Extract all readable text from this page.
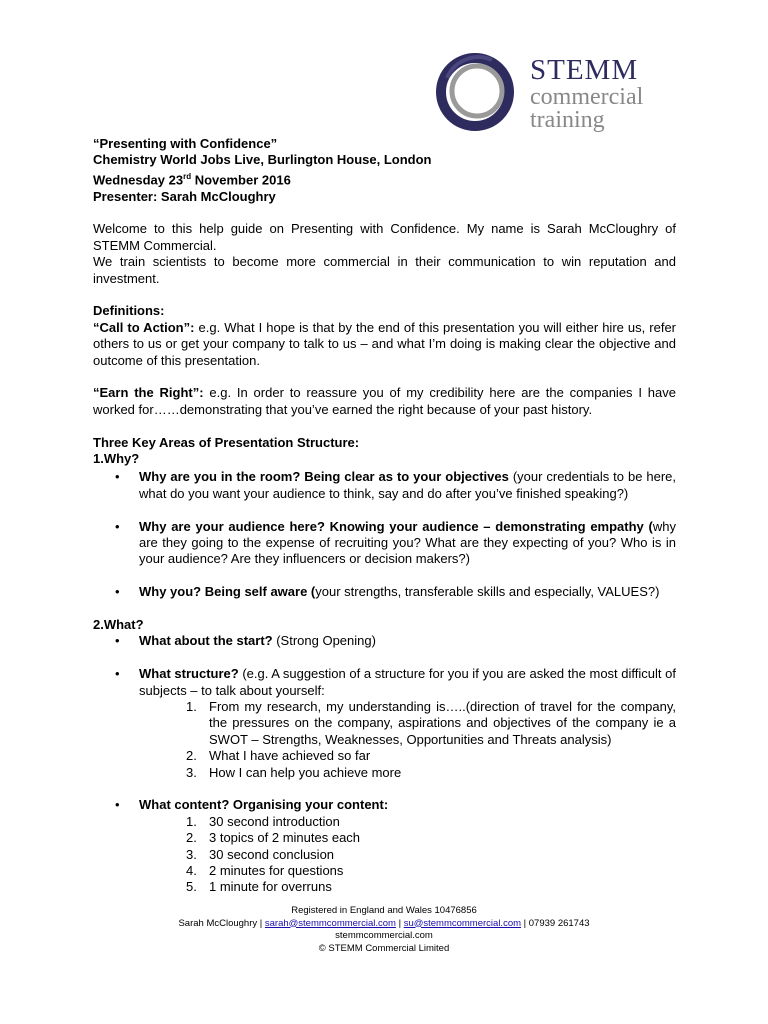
STEMM
commercial
training

“Presenting with Confidence”

Chemistry World Jobs Live, Burlington House, London

Wednesday 23rd November 2016

Presenter: Sarah McCloughry

Welcome to this help guide on Presenting with Confidence. My name is Sarah McCloughry of STEMM Commercial.

We train scientists to become more commercial in their communication to win reputation and investment.

Definitions:

“Call to Action”: e.g. What I hope is that by the end of this presentation you will either hire us, refer others to us or get your company to talk to us – and what I’m doing is making clear the objective and outcome of this presentation.

“Earn the Right”: e.g. In order to reassure you of my credibility here are the companies I have worked for……demonstrating that you’ve earned the right because of your past history.

Three Key Areas of Presentation Structure:

1.Why?

• Why are you in the room? Being clear as to your objectives (your credentials to be here, what do you want your audience to think, say and do after you’ve finished speaking?)

• Why are your audience here? Knowing your audience – demonstrating empathy (why are they going to the expense of recruiting you? What are they expecting of you? Who is in your audience? Are they influencers or decision makers?)

• Why you? Being self aware (your strengths, transferable skills and especially, VALUES?)

2.What?

• What about the start? (Strong Opening)

• What structure? (e.g. A suggestion of a structure for you if you are asked the most difficult of subjects – to talk about yourself:

1. From my research, my understanding is…..(direction of travel for the company, the pressures on the company, aspirations and objectives of the company ie a SWOT – Strengths, Weaknesses, Opportunities and Threats analysis)

2. What I have achieved so far

3. How I can help you achieve more

• What content? Organising your content:

1. 30 second introduction

2. 3 topics of 2 minutes each

3. 30 second conclusion

4. 2 minutes for questions

5. 1 minute for overruns

Registered in England and Wales 10476856
Sarah McCloughry | sarah@stemmcommercial.com | su@stemmcommercial.com | 07939 261743
stemmcommercial.com
© STEMM Commercial Limited
